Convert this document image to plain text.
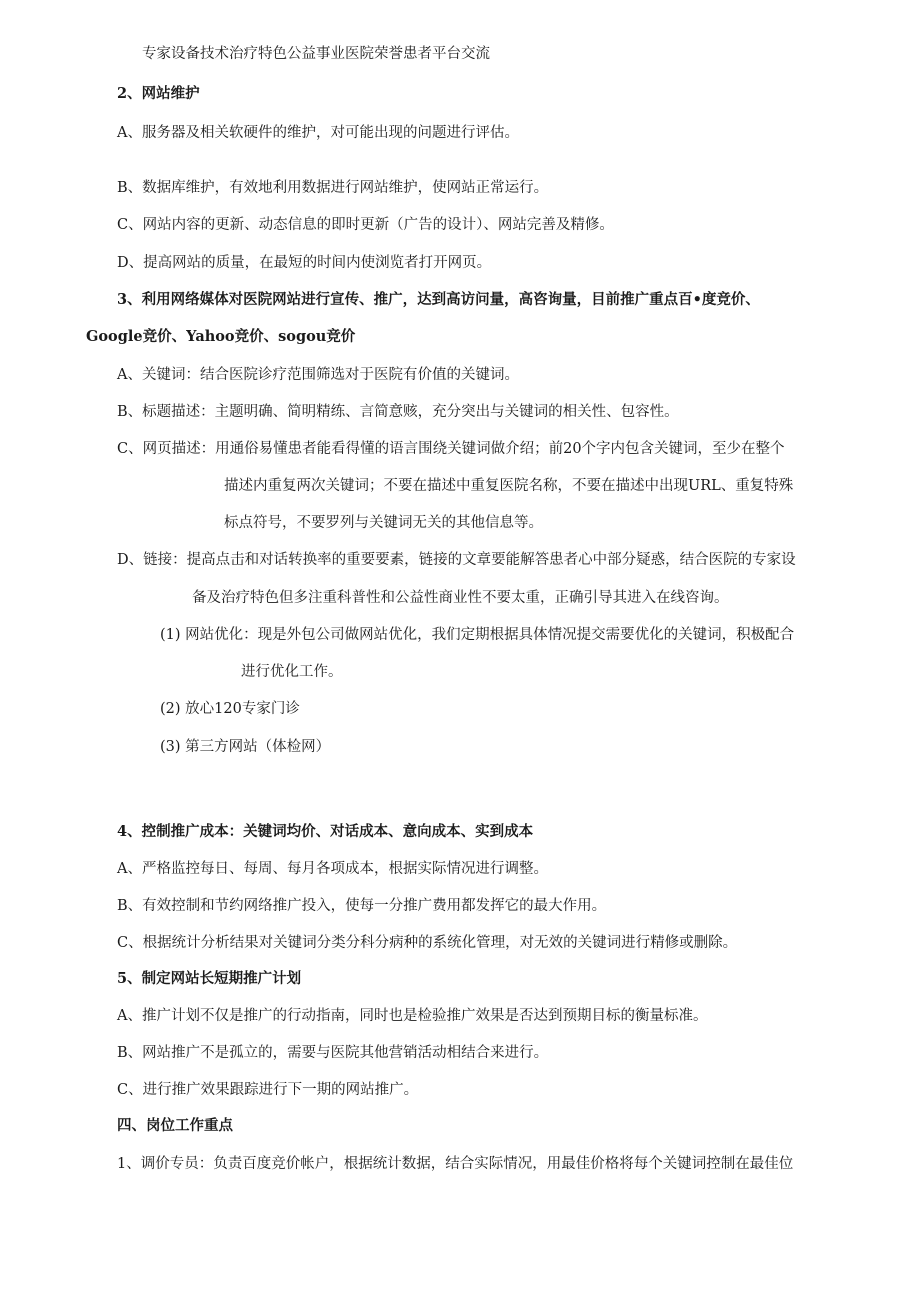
专家设备技术治疗特色公益事业医院荣誉患者平台交流
2、网站维护
A、服务器及相关软硬件的维护，对可能出现的问题进行评估。
B、数据库维护，有效地利用数据进行网站维护，使网站正常运行。
C、网站内容的更新、动态信息的即时更新（广告的设计）、网站完善及精修。
D、提高网站的质量，在最短的时间内使浏览者打开网页。
3、利用网络媒体对医院网站进行宣传、推广，达到高访问量，高咨询量，目前推广重点百•度竞价、
Google竞价、Yahoo竞价、sogou竞价
A、关键词：结合医院诊疗范围筛选对于医院有价值的关键词。
B、标题描述：主题明确、简明精练、言简意赅，充分突出与关键词的相关性、包容性。
C、网页描述：用通俗易懂患者能看得懂的语言围绕关键词做介绍；前20个字内包含关键词，至少在整个
描述内重复两次关键词；不要在描述中重复医院名称，不要在描述中出现URL、重复特殊
标点符号，不要罗列与关键词无关的其他信息等。
D、链接：提高点击和对话转换率的重要要素，链接的文章要能解答患者心中部分疑惑，结合医院的专家设
备及治疗特色但多注重科普性和公益性商业性不要太重，正确引导其进入在线咨询。
(1) 网站优化：现是外包公司做网站优化，我们定期根据具体情况提交需要优化的关键词，积极配合
进行优化工作。
(2) 放心120专家门诊
(3) 第三方网站（体检网）
4、控制推广成本：关键词均价、对话成本、意向成本、实到成本
A、严格监控每日、每周、每月各项成本，根据实际情况进行调整。
B、有效控制和节约网络推广投入，使每一分推广费用都发挥它的最大作用。
C、根据统计分析结果对关键词分类分科分病种的系统化管理，对无效的关键词进行精修或删除。
5、制定网站长短期推广计划
A、推广计划不仅是推广的行动指南，同时也是检验推广效果是否达到预期目标的衡量标准。
B、网站推广不是孤立的，需要与医院其他营销活动相结合来进行。
C、进行推广效果跟踪进行下一期的网站推广。
四、岗位工作重点
1、调价专员：负责百度竞价帐户，根据统计数据，结合实际情况，用最佳价格将每个关键词控制在最佳位
